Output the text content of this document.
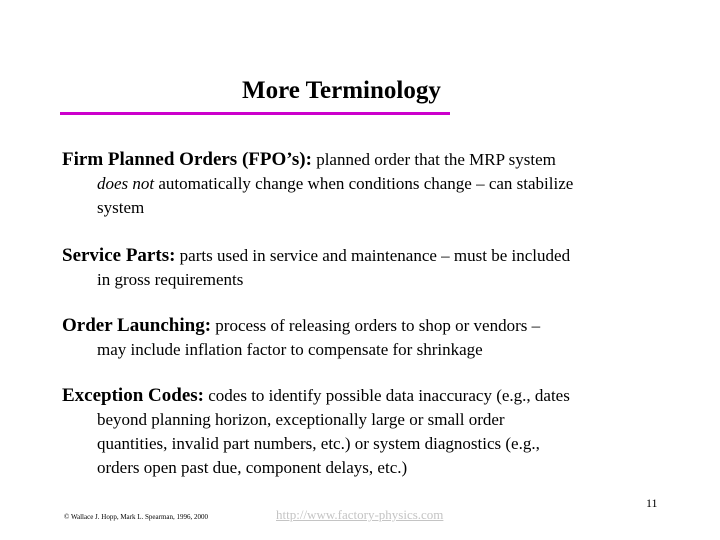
More Terminology
Firm Planned Orders (FPO’s): planned order that the MRP system
does not automatically change when conditions change – can stabilize
system
Service Parts: parts used in service and maintenance – must be included
in gross requirements
Order Launching: process of releasing orders to shop or vendors –
may include inflation factor to compensate for shrinkage
Exception Codes: codes to identify possible data inaccuracy (e.g., dates
beyond planning horizon, exceptionally large or small order
quantities, invalid part numbers, etc.) or system diagnostics (e.g.,
orders open past due, component delays, etc.)
© Wallace J. Hopp, Mark L. Spearman, 1996, 2000	http://www.factory-physics.com
11
